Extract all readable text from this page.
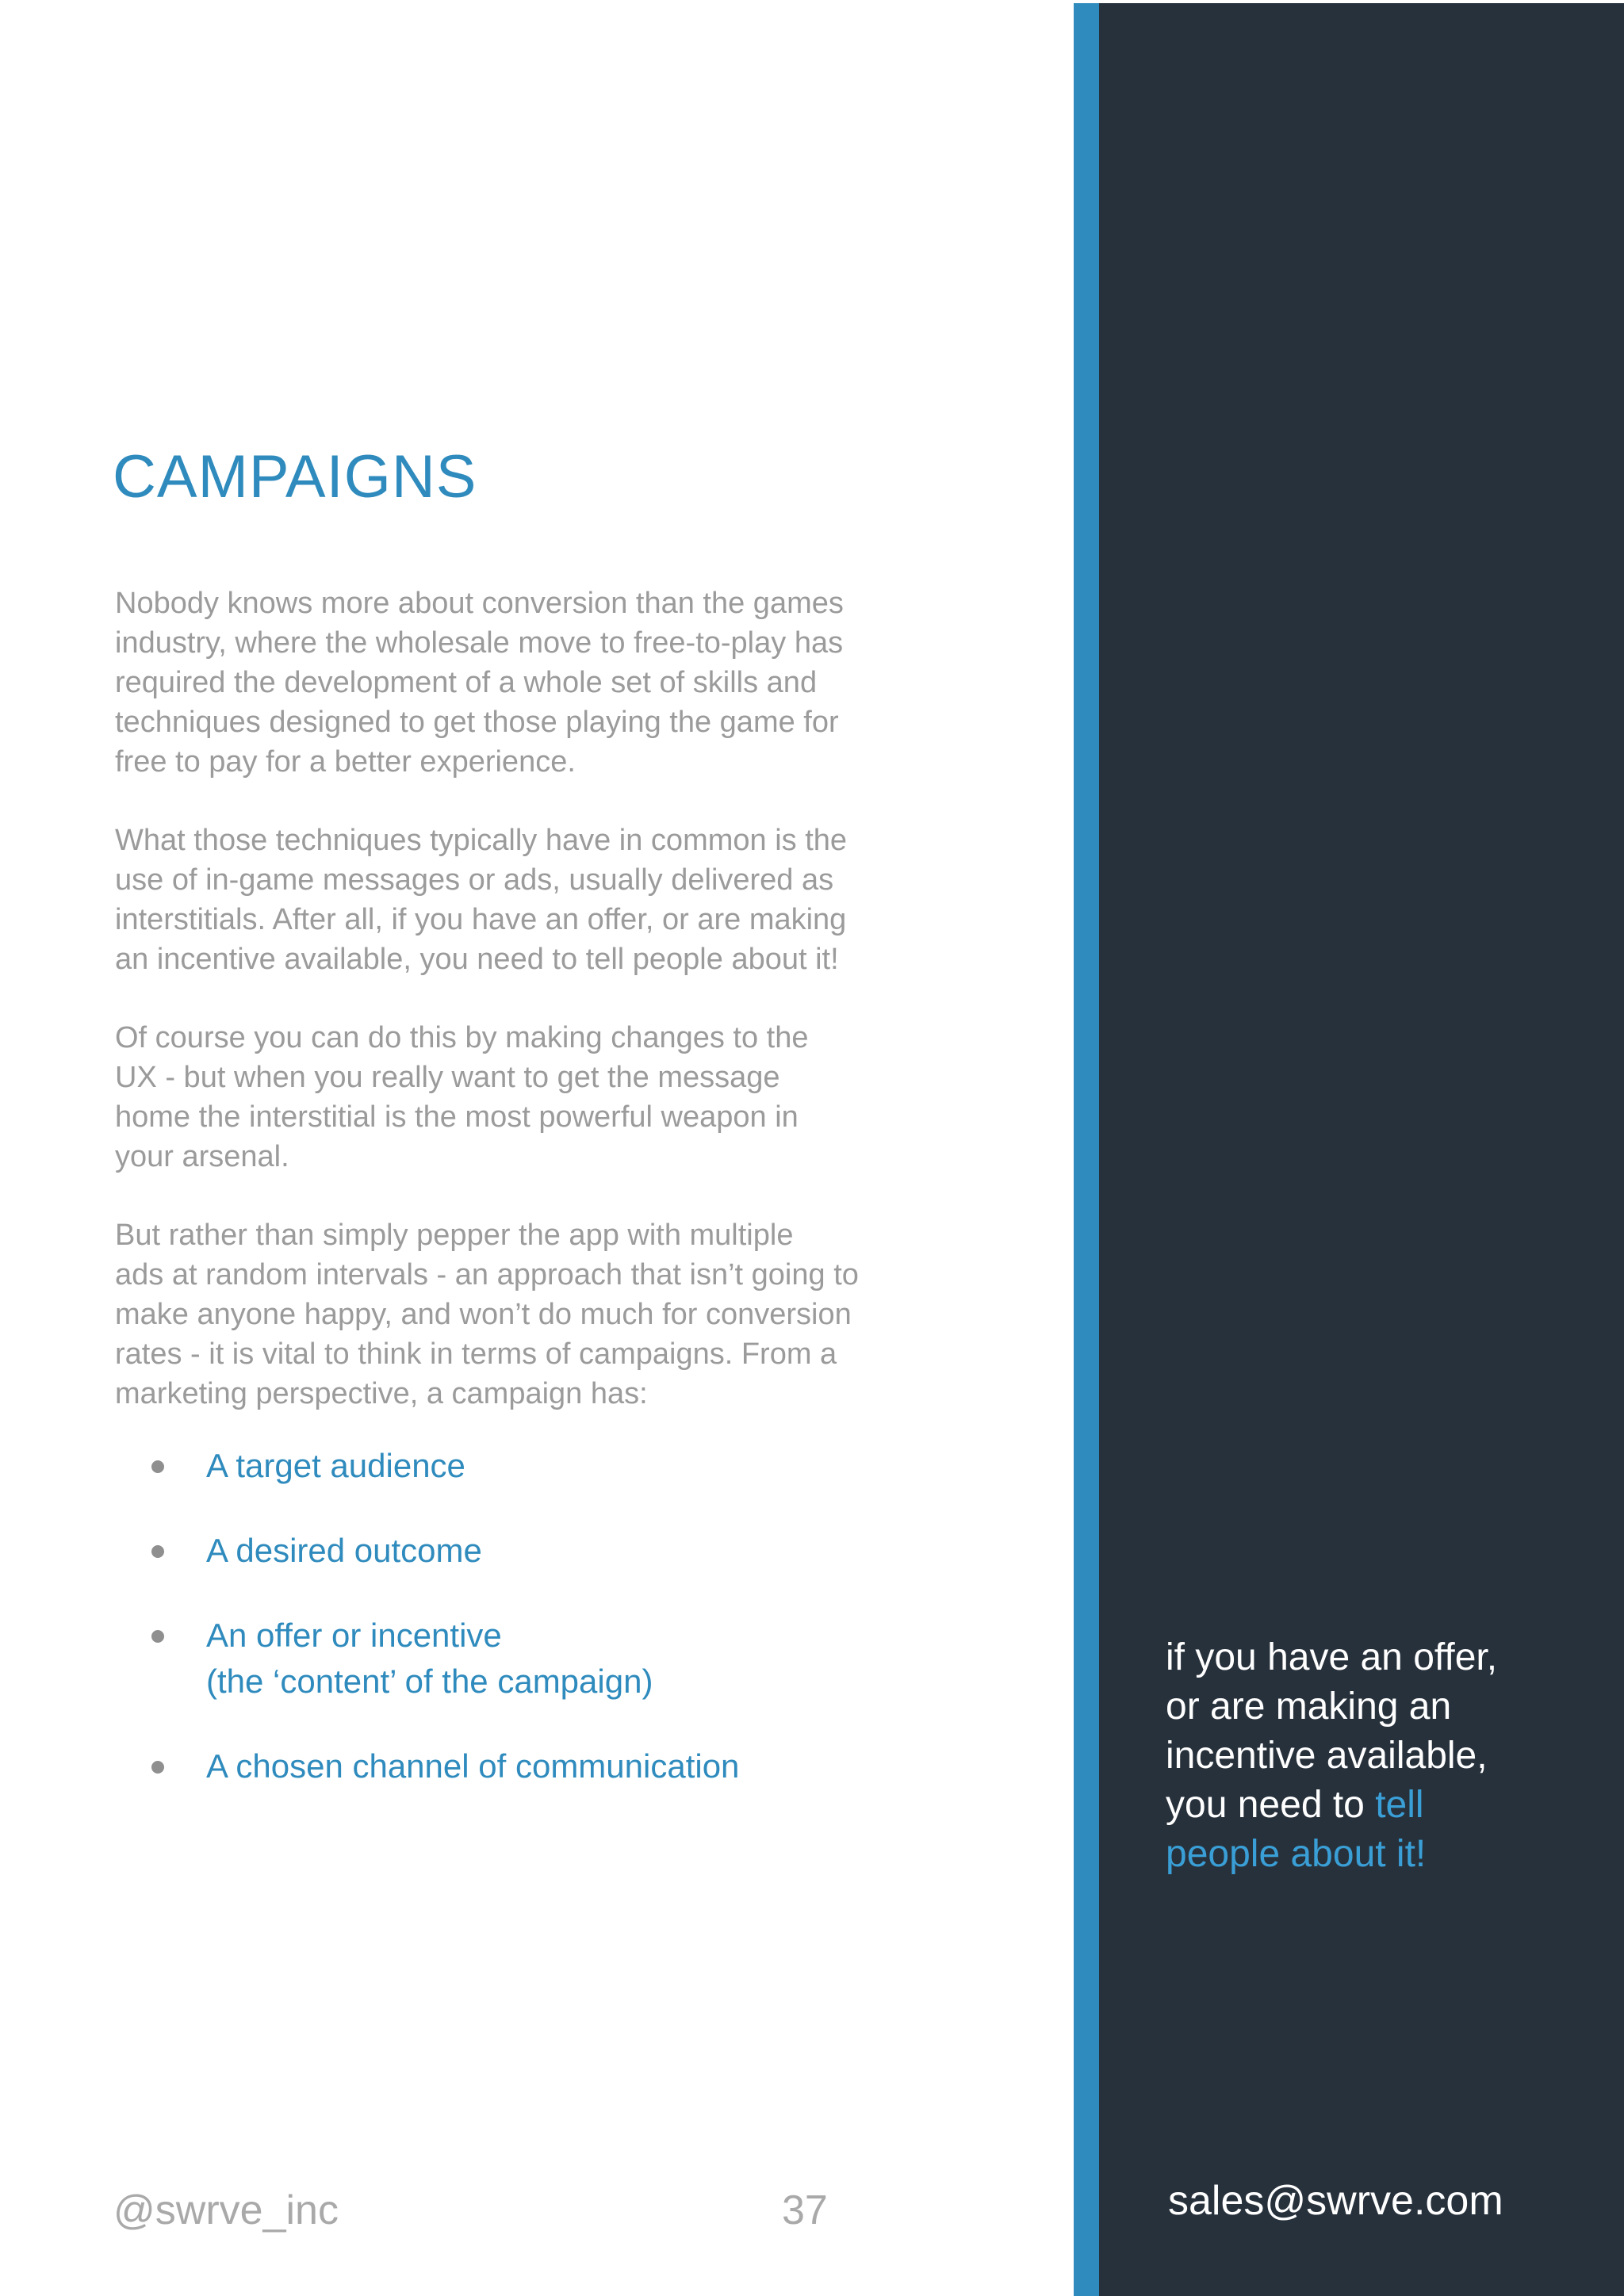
CAMPAIGNS

Nobody knows more about conversion than the games
industry, where the wholesale move to free-to-play has
required the development of a whole set of skills and
techniques designed to get those playing the game for
free to pay for a better experience.

What those techniques typically have in common is the
use of in-game messages or ads, usually delivered as
interstitials. After all, if you have an offer, or are making
an incentive available, you need to tell people about it!

Of course you can do this by making changes to the
UX - but when you really want to get the message
home the interstitial is the most powerful weapon in
your arsenal.

But rather than simply pepper the app with multiple
ads at random intervals - an approach that isn’t going to
make anyone happy, and won’t do much for conversion
rates - it is vital to think in terms of campaigns. From a
marketing perspective, a campaign has:

A target audience
A desired outcome
An offer or incentive
(the ‘content’ of the campaign)
A chosen channel of communication
if you have an offer,
or are making an
incentive available,
you need to tell
people about it!
@swrve_inc	37	sales@swrve.com
